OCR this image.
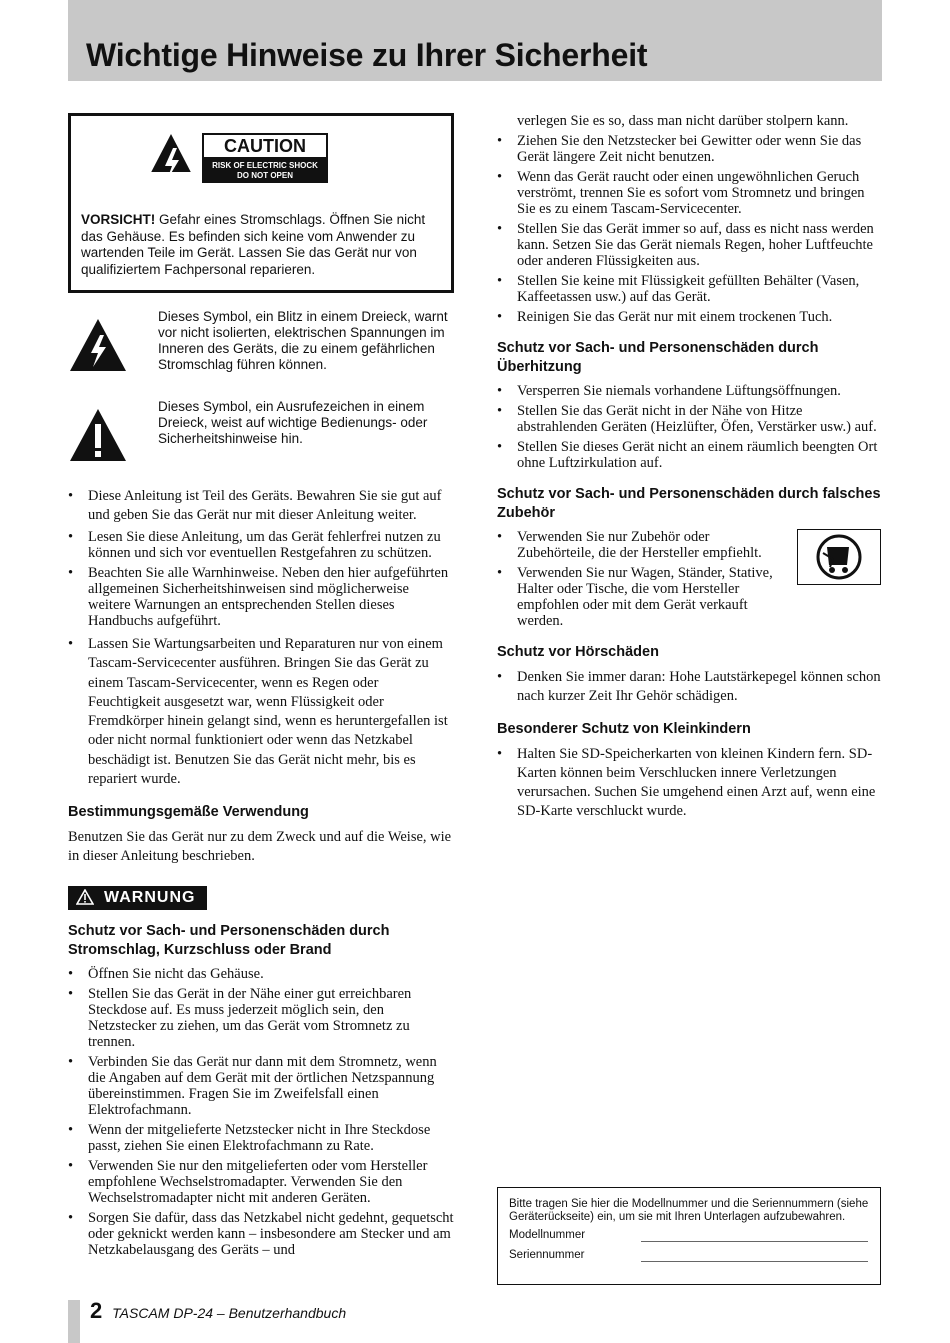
Wichtige Hinweise zu Ihrer Sicherheit
CAUTION
RISK OF ELECTRIC SHOCK
DO NOT OPEN

VORSICHT! Gefahr eines Stromschlags. Öffnen Sie nicht das Gehäuse. Es befinden sich keine vom Anwender zu wartenden Teile im Gerät. Lassen Sie das Gerät nur von qualifiziertem Fachpersonal reparieren.

Dieses Symbol, ein Blitz in einem Dreieck, warnt vor nicht isolierten, elektrischen Spannungen im Inneren des Geräts, die zu einem gefährlichen Stromschlag führen können.

Dieses Symbol, ein Ausrufezeichen in einem Dreieck, weist auf wichtige Bedienungs- oder Sicherheitshinweise hin.

• Diese Anleitung ist Teil des Geräts. Bewahren Sie sie gut auf und geben Sie das Gerät nur mit dieser Anleitung weiter.
• Lesen Sie diese Anleitung, um das Gerät fehlerfrei nutzen zu können und sich vor eventuellen Restgefahren zu schützen.
• Beachten Sie alle Warnhinweise. Neben den hier aufgeführten allgemeinen Sicherheitshinweisen sind möglicherweise weitere Warnungen an entsprechenden Stellen dieses Handbuchs aufgeführt.
• Lassen Sie Wartungsarbeiten und Reparaturen nur von einem Tascam-Servicecenter ausführen. Bringen Sie das Gerät zu einem Tascam-Servicecenter, wenn es Regen oder Feuchtigkeit ausgesetzt war, wenn Flüssigkeit oder Fremdkörper hinein gelangt sind, wenn es heruntergefallen ist oder nicht normal funktioniert oder wenn das Netzkabel beschädigt ist. Benutzen Sie das Gerät nicht mehr, bis es repariert wurde.
Bestimmungsgemäße Verwendung

Benutzen Sie das Gerät nur zu dem Zweck und auf die Weise, wie in dieser Anleitung beschrieben.

WARNUNG
Schutz vor Sach- und Personenschäden durch Stromschlag, Kurzschluss oder Brand
• Öffnen Sie nicht das Gehäuse.
• Stellen Sie das Gerät in der Nähe einer gut erreichbaren Steckdose auf. Es muss jederzeit möglich sein, den Netzstecker zu ziehen, um das Gerät vom Stromnetz zu trennen.
• Verbinden Sie das Gerät nur dann mit dem Stromnetz, wenn die Angaben auf dem Gerät mit der örtlichen Netzspannung übereinstimmen. Fragen Sie im Zweifelsfall einen Elektrofachmann.
• Wenn der mitgelieferte Netzstecker nicht in Ihre Steckdose passt, ziehen Sie einen Elektrofachmann zu Rate.
• Verwenden Sie nur den mitgelieferten oder vom Hersteller empfohlene Wechselstromadapter. Verwenden Sie den Wechselstromadapter nicht mit anderen Geräten.
• Sorgen Sie dafür, dass das Netzkabel nicht gedehnt, gequetscht oder geknickt werden kann – insbesondere am Stecker und am Netzkabelausgang des Geräts – und

verlegen Sie es so, dass man nicht darüber stolpern kann.

• Ziehen Sie den Netzstecker bei Gewitter oder wenn Sie das Gerät längere Zeit nicht benutzen.
• Wenn das Gerät raucht oder einen ungewöhnlichen Geruch verströmt, trennen Sie es sofort vom Stromnetz und bringen Sie es zu einem Tascam-Servicecenter.
• Stellen Sie das Gerät immer so auf, dass es nicht nass werden kann. Setzen Sie das Gerät niemals Regen, hoher Luftfeuchte oder anderen Flüssigkeiten aus.
• Stellen Sie keine mit Flüssigkeit gefüllten Behälter (Vasen, Kaffeetassen usw.) auf das Gerät.
• Reinigen Sie das Gerät nur mit einem trockenen Tuch.
Schutz vor Sach- und Personenschäden durch Überhitzung
• Versperren Sie niemals vorhandene Lüftungsöffnungen.
• Stellen Sie das Gerät nicht in der Nähe von Hitze abstrahlenden Geräten (Heizlüfter, Öfen, Verstärker usw.) auf.
• Stellen Sie dieses Gerät nicht an einem räumlich beengten Ort ohne Luftzirkulation auf.
Schutz vor Sach- und Personenschäden durch falsches Zubehör
• Verwenden Sie nur Zubehör oder Zubehörteile, die der Hersteller empfiehlt.
• Verwenden Sie nur Wagen, Ständer, Stative, Halter oder Tische, die vom Hersteller empfohlen oder mit dem Gerät verkauft werden.
Schutz vor Hörschäden
• Denken Sie immer daran: Hohe Lautstärkepegel können schon nach kurzer Zeit Ihr Gehör schädigen.
Besonderer Schutz von Kleinkindern
• Halten Sie SD-Speicherkarten von kleinen Kindern fern. SD-Karten können beim Verschlucken innere Verletzungen verursachen. Suchen Sie umgehend einen Arzt auf, wenn eine SD-Karte verschluckt wurde.

Bitte tragen Sie hier die Modellnummer und die Seriennummern (siehe Geräterückseite) ein, um sie mit Ihren Unterlagen aufzubewahren.

Modellnummer
Seriennummer
2 TASCAM DP-24 – Benutzerhandbuch
